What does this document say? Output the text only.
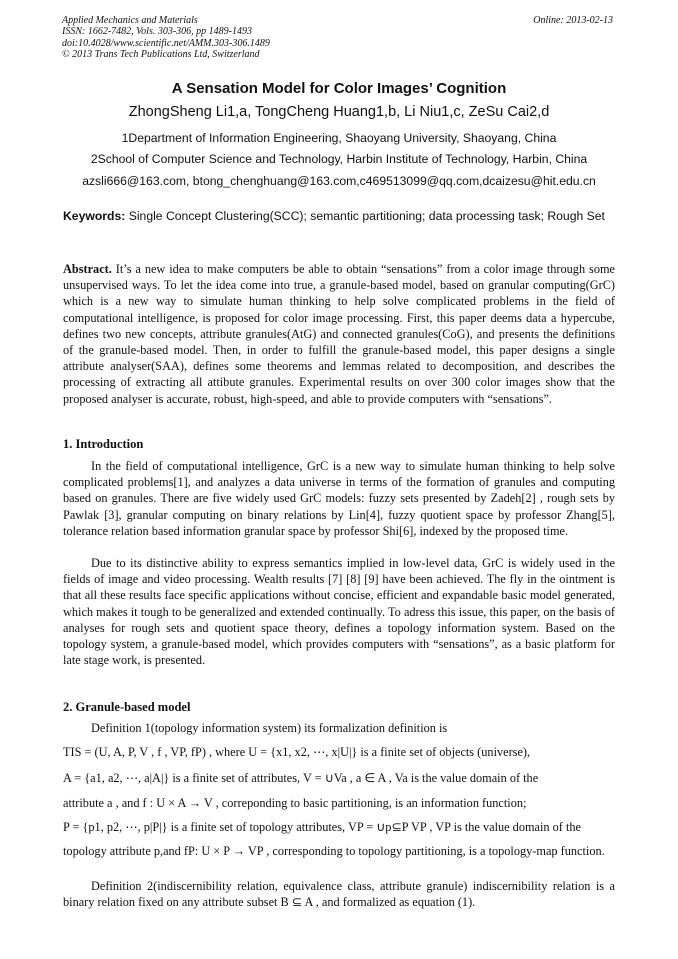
Applied Mechanics and Materials
ISSN: 1662-7482, Vols. 303-306, pp 1489-1493
doi:10.4028/www.scientific.net/AMM.303-306.1489
© 2013 Trans Tech Publications Ltd, Switzerland
Online: 2013-02-13
A Sensation Model for Color Images’ Cognition
ZhongSheng Li1,a, TongCheng Huang1,b, Li Niu1,c, ZeSu Cai2,d
1Department of Information Engineering, Shaoyang University, Shaoyang, China
2School of Computer Science and Technology, Harbin Institute of Technology, Harbin, China
azsli666@163.com, btong_chenghuang@163.com,c469513099@qq.com,dcaizesu@hit.edu.cn
Keywords: Single Concept Clustering(SCC); semantic partitioning; data processing task; Rough Set
Abstract. It’s a new idea to make computers be able to obtain “sensations” from a color image through some unsupervised ways. To let the idea come into true, a granule-based model, based on granular computing(GrC) which is a new way to simulate human thinking to help solve complicated problems in the field of computational intelligence, is proposed for color image processing. First, this paper deems data a hypercube, defines two new concepts, attribute granules(AtG) and connected granules(CoG), and presents the definitions of the granule-based model. Then, in order to fulfill the granule-based model, this paper designs a single attribute analyser(SAA), defines some theorems and lemmas related to decomposition, and describes the processing of extracting all attibute granules. Experimental results on over 300 color images show that the proposed analyser is accurate, robust, high-speed, and able to provide computers with “sensations”.
1. Introduction
In the field of computational intelligence, GrC is a new way to simulate human thinking to help solve complicated problems[1], and analyzes a data universe in terms of the formation of granules and computing based on granules. There are five widely used GrC models: fuzzy sets presented by Zadeh[2] , rough sets by Pawlak [3], granular computing on binary relations by Lin[4], fuzzy quotient space by professor Zhang[5], tolerance relation based information granular space by professor Shi[6], indexed by the proposed time.
Due to its distinctive ability to express semantics implied in low-level data, GrC is widely used in the fields of image and video processing. Wealth results [7] [8] [9] have been achieved. The fly in the ointment is that all these results face specific applications without concise, efficient and expandable basic model generated, which makes it tough to be generalized and extended continually. To adress this issue, this paper, on the basis of analyses for rough sets and quotient space theory, defines a topology information system. Based on the topology system, a granule-based model, which provides computers with “sensations”, as a basic platform for late stage work, is presented.
2. Granule-based model
Definition 1(topology information system) its formalization definition is
TIS = (U, A, P, V , f , VP, fP) , where U = {x1, x2, ⋯, x|U|} is a finite set of objects (universe),
A = {a1, a2, ⋯, a|A|} is a finite set of attributes, V = ∪Va , a ∈ A , Va is the value domain of the
attribute a , and f : U × A → V , correponding to basic partitioning, is an information function;
P = {p1, p2, ⋯, p|P|} is a finite set of topology attributes, VP = ∪p⊆P VP , VP is the value domain of the
topology attribute p,and fP: U × P → VP , corresponding to topology partitioning, is a topology-map function.
Definition 2(indiscernibility relation, equivalence class, attribute granule) indiscernibility relation is a binary relation fixed on any attribute subset B ⊆ A , and formalized as equation (1).
